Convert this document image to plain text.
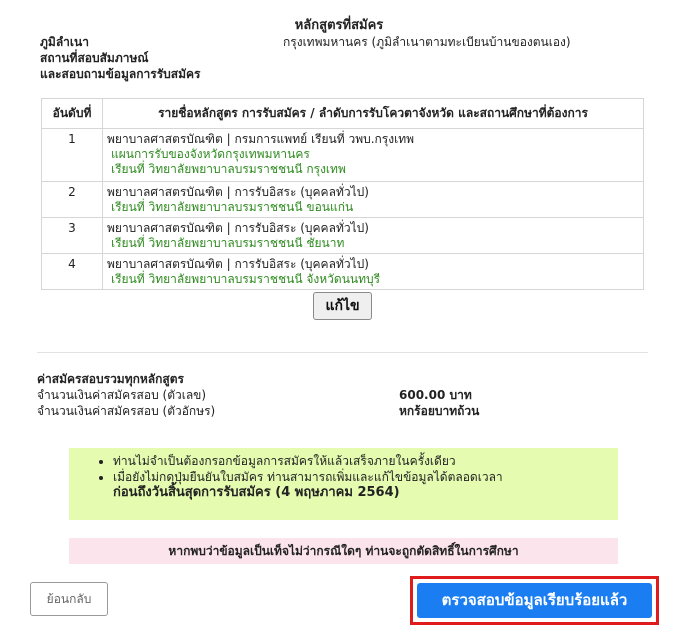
หลักสูตรที่สมัคร
ภูมิลำเนา
สถานที่สอบสัมภาษณ์
และสอบถามข้อมูลการรับสมัคร
กรุงเทพมหานคร (ภูมิลำเนาตามทะเบียนบ้านของตนเอง)
อันดับที่	รายชื่อหลักสูตร การรับสมัคร / ลำดับการรับโควตาจังหวัด และสถานศึกษาที่ต้องการ
1	พยาบาลศาสตรบัณฑิต | กรมการแพทย์ เรียนที่ วพบ.กรุงเทพ
แผนการรับของจังหวัดกรุงเทพมหานคร
เรียนที่ วิทยาลัยพยาบาลบรมราชชนนี กรุงเทพ

2	พยาบาลศาสตรบัณฑิต | การรับอิสระ (บุคคลทั่วไป)
เรียนที่ วิทยาลัยพยาบาลบรมราชชนนี ขอนแก่น

3	พยาบาลศาสตรบัณฑิต | การรับอิสระ (บุคคลทั่วไป)
เรียนที่ วิทยาลัยพยาบาลบรมราชชนนี ชัยนาท

4	พยาบาลศาสตรบัณฑิต | การรับอิสระ (บุคคลทั่วไป)
เรียนที่ วิทยาลัยพยาบาลบรมราชชนนี จังหวัดนนทบุรี
แก้ไข
ค่าสมัครสอบรวมทุกหลักสูตร
จำนวนเงินค่าสมัครสอบ (ตัวเลข)	600.00 บาท
จำนวนเงินค่าสมัครสอบ (ตัวอักษร)	หกร้อยบาทถ้วน
• ท่านไม่จำเป็นต้องกรอกข้อมูลการสมัครให้แล้วเสร็จภายในครั้งเดียว
• เมื่อยังไม่กดปุ่มยืนยันใบสมัคร ท่านสามารถเพิ่มและแก้ไขข้อมูลได้ตลอดเวลา
ก่อนถึงวันสิ้นสุดการรับสมัคร (4 พฤษภาคม 2564)
หากพบว่าข้อมูลเป็นเท็จไม่ว่ากรณีใดๆ ท่านจะถูกตัดสิทธิ์ในการศึกษา
ย้อนกลับ	ตรวจสอบข้อมูลเรียบร้อยแล้ว
